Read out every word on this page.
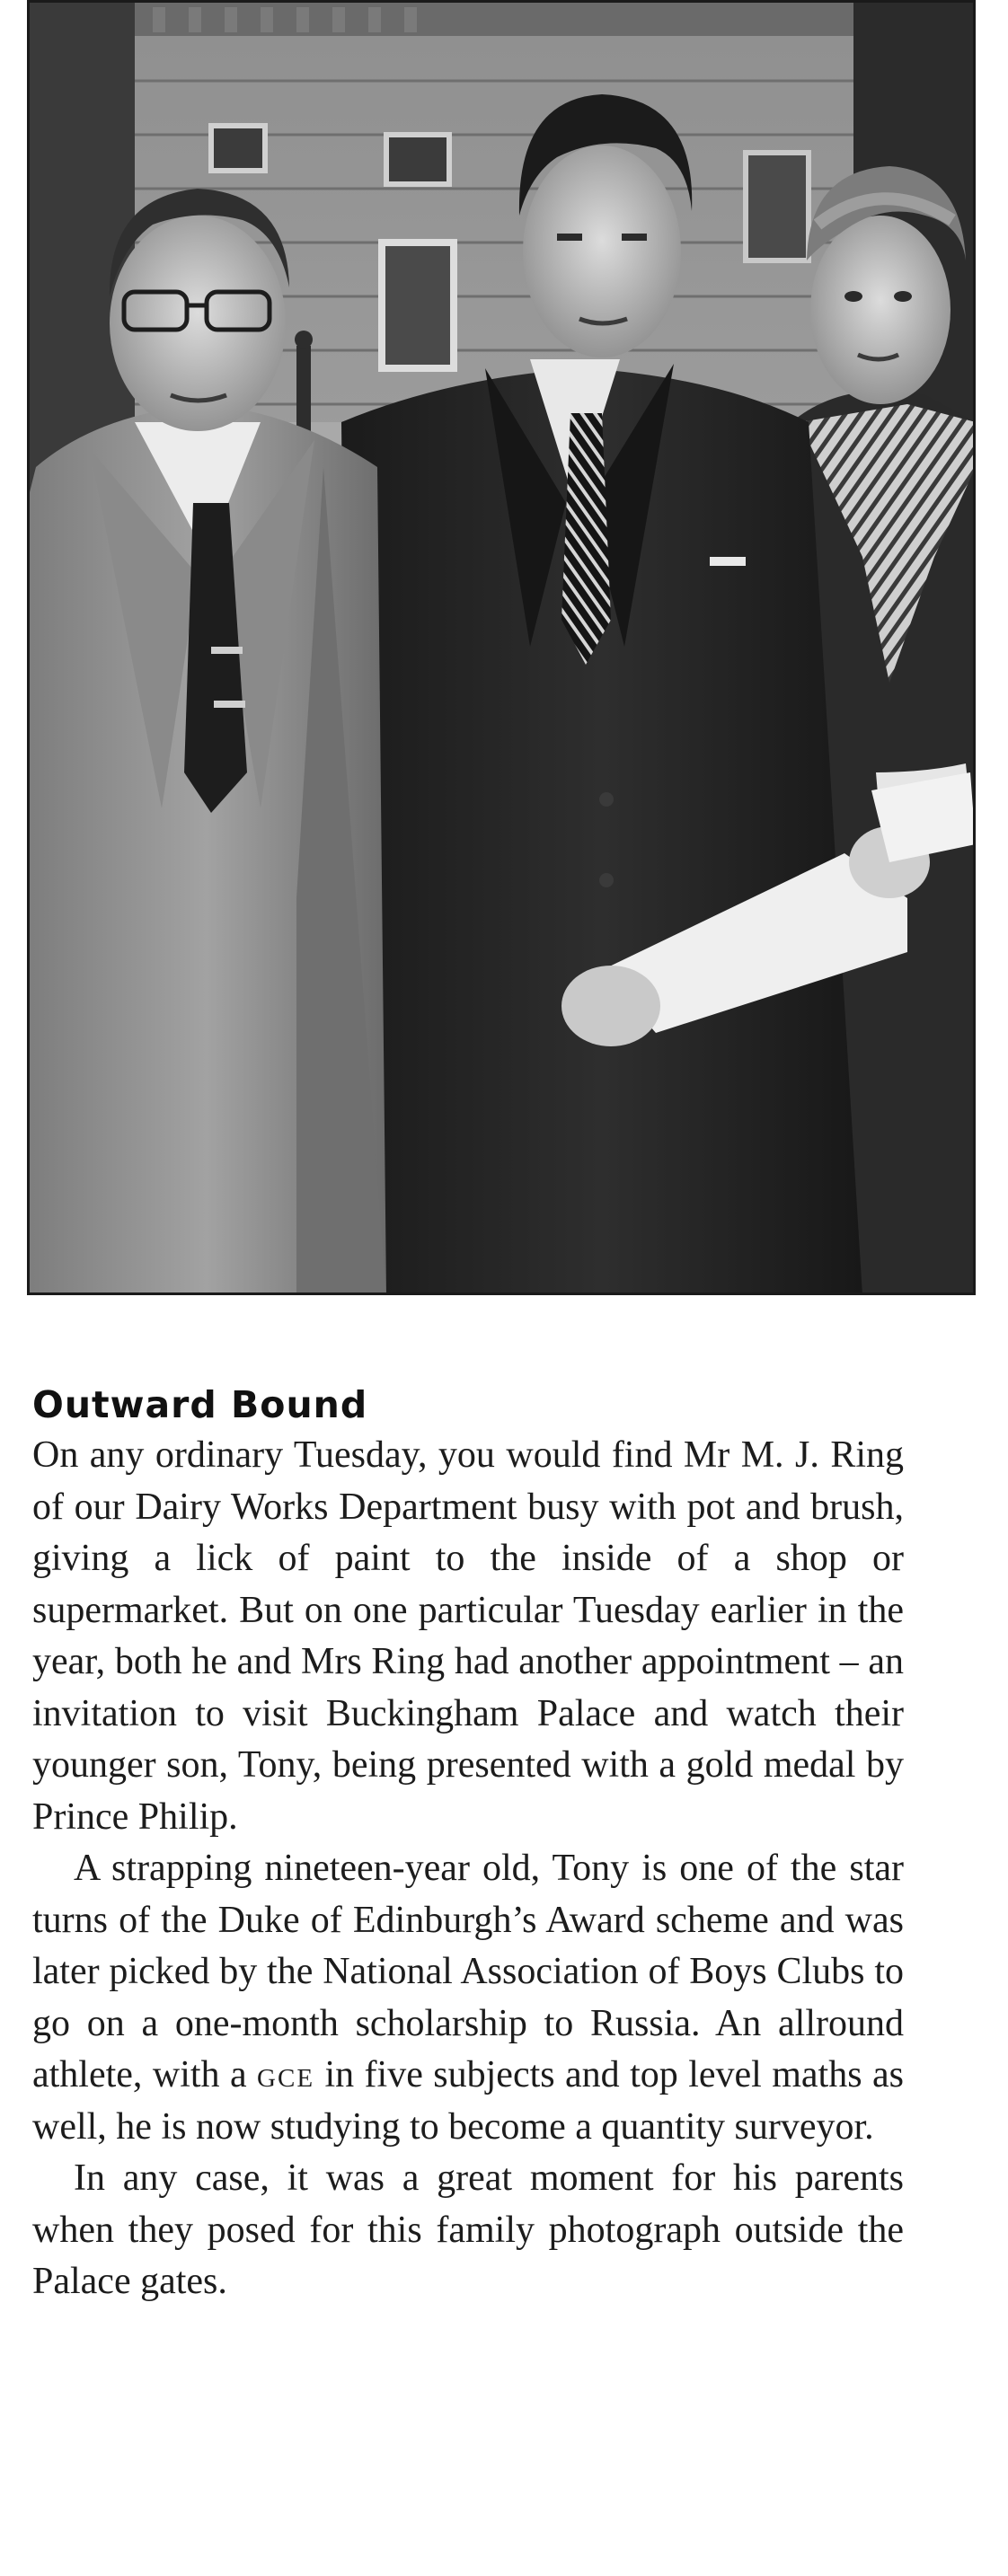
Outward Bound

On any ordinary Tuesday, you would find Mr M. J. Ring of our Dairy Works Department busy with pot and brush, giving a lick of paint to the inside of a shop or supermarket. But on one particular Tuesday earlier in the year, both he and Mrs Ring had another appointment – an invitation to visit Buckingham Palace and watch their younger son, Tony, being presented with a gold medal by Prince Philip.

A strapping nineteen-year old, Tony is one of the star turns of the Duke of Edinburgh’s Award scheme and was later picked by the National Association of Boys Clubs to go on a one-month scholarship to Russia. An allround athlete, with a gce in five subjects and top level maths as well, he is now studying to become a quantity surveyor.

In any case, it was a great moment for his parents when they posed for this family photograph outside the Palace gates.
